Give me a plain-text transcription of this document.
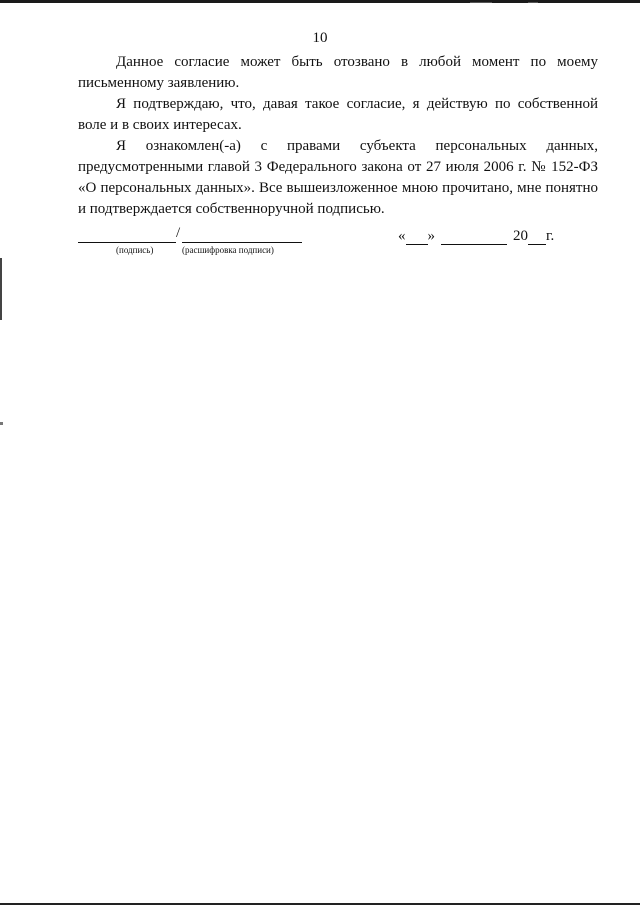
10

Данное согласие может быть отозвано в любой момент по моему письменному заявлению.

Я подтверждаю, что, давая такое согласие, я действую по собственной воле и в своих интересах.

Я ознакомлен(-а) с правами субъекта персональных данных, предусмотренными главой 3 Федерального закона от 27 июля 2006 г. № 152-ФЗ «О персональных данных». Все вышеизложенное мною прочитано, мне понятно и подтверждается собственноручной подписью.

/
(подпись)	(расшифровка подписи)
« »	20 г.
